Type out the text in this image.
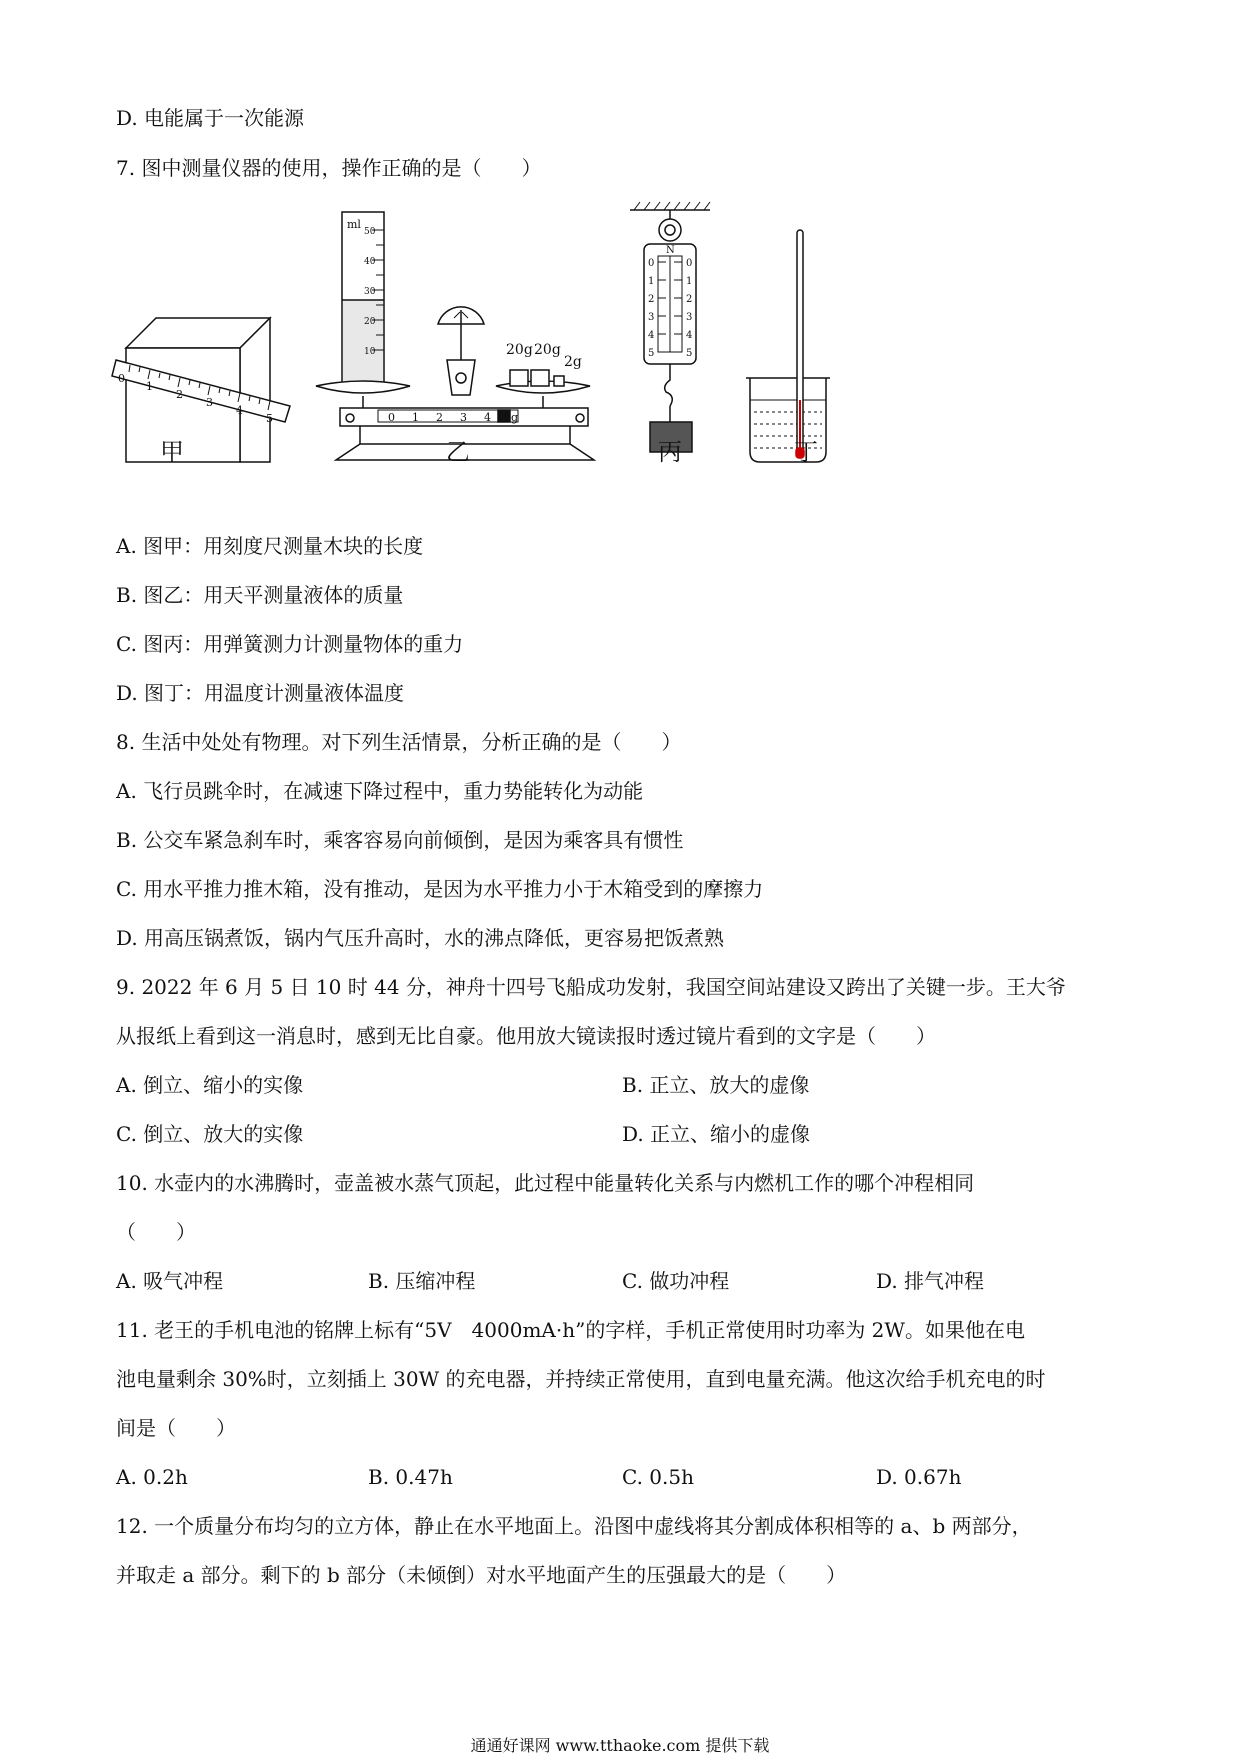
D. 电能属于一次能源
7. 图中测量仪器的使用，操作正确的是（　　）
0
1
2
3
4
5
ml
50
40
30
20
10	20g 20g
2g
0 1 2 3 4 5g
N
0
1
2
3
4
5
0
1
2
3
4
5
甲	乙	丙	丁
A. 图甲：用刻度尺测量木块的长度
B. 图乙：用天平测量液体的质量
C. 图丙：用弹簧测力计测量物体的重力
D. 图丁：用温度计测量液体温度
8. 生活中处处有物理。对下列生活情景，分析正确的是（　　）
A. 飞行员跳伞时，在减速下降过程中，重力势能转化为动能
B. 公交车紧急刹车时，乘客容易向前倾倒，是因为乘客具有惯性
C. 用水平推力推木箱，没有推动，是因为水平推力小于木箱受到的摩擦力
D. 用高压锅煮饭，锅内气压升高时，水的沸点降低，更容易把饭煮熟
9. 2022 年 6 月 5 日 10 时 44 分，神舟十四号飞船成功发射，我国空间站建设又跨出了关键一步。王大爷
从报纸上看到这一消息时，感到无比自豪。他用放大镜读报时透过镜片看到的文字是（　　）
A. 倒立、缩小的实像	B. 正立、放大的虚像
C. 倒立、放大的实像	D. 正立、缩小的虚像
10. 水壶内的水沸腾时，壶盖被水蒸气顶起，此过程中能量转化关系与内燃机工作的哪个冲程相同
（　　）
A. 吸气冲程	B. 压缩冲程	C. 做功冲程	D. 排气冲程
11. 老王的手机电池的铭牌上标有“5V　4000mA·h”的字样，手机正常使用时功率为 2W。如果他在电
池电量剩余 30%时，立刻插上 30W 的充电器，并持续正常使用，直到电量充满。他这次给手机充电的时
间是（　　）
A. 0.2h	B. 0.47h	C. 0.5h	D. 0.67h
12. 一个质量分布均匀的立方体，静止在水平地面上。沿图中虚线将其分割成体积相等的 a、b 两部分，
并取走 a 部分。剩下的 b 部分（未倾倒）对水平地面产生的压强最大的是（　　）
通通好课网 www.tthaoke.com 提供下载
